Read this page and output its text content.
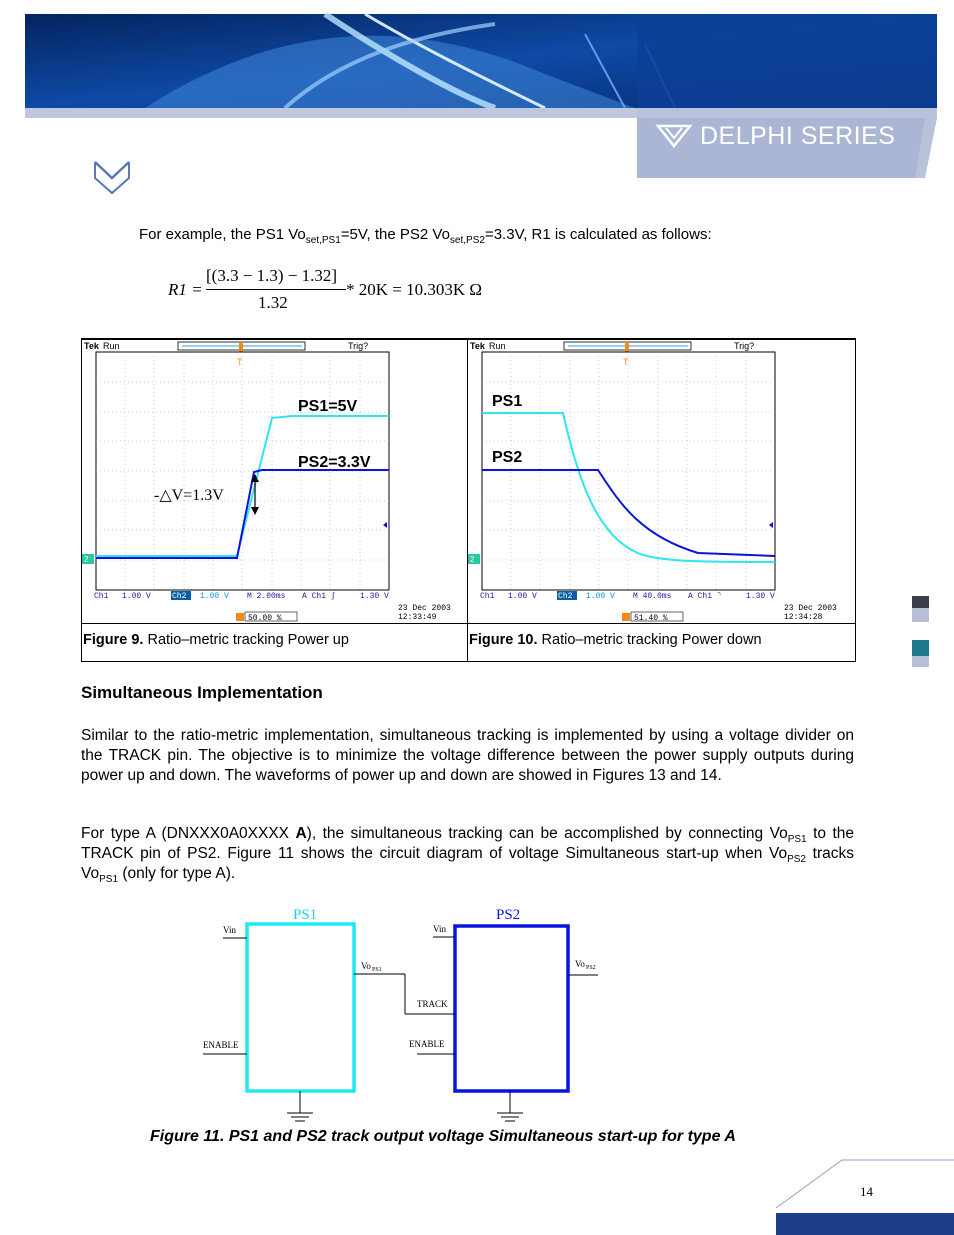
DELPHI SERIES
For example, the PS1 $Vo_{set,PS1}=5V$, the PS2 $Vo_{set,PS2}=3.3V$, R1 is calculated as follows:
R1 =
[(3.3 − 1.3) − 1.32]
1.32
* 20K = 10.303K Ω
Tek Run	Trig?
T
PS1=5V
PS2=3.3V
-△V=1.3V
2
Ch1 1.00 V	Ch2 1.00 V M 2.00ms A Ch1 ∫	1.30 V
50.00 %
23 Dec 2003
12:33:49
Tek Run	Trig?
T
PS1
PS2
2
Ch1 1.00 V	Ch2 1.00 V M 40.0ms A Ch1 ⌝	1.30 V
51.40 %
23 Dec 2003
12:34:28
Figure 9. Ratio–metric tracking Power up	Figure 10. Ratio–metric tracking Power down
Simultaneous Implementation
Similar to the ratio-metric implementation, simultaneous tracking is implemented by using a voltage divider on the TRACK pin. The objective is to minimize the voltage difference between the power supply outputs during power up and down. The waveforms of power up and down are showed in Figures 13 and 14.
For type A (DNXXX0A0XXXX A), the simultaneous tracking can be accomplished by connecting $Vo_{PS1}$ to the TRACK pin of PS2. Figure 11 shows the circuit diagram of voltage Simultaneous start-up when $Vo_{PS2}$ tracks $Vo_{PS1}$ (only for type A).
PS1	PS2
Vin	Vin
Vo PS1
TRACK
Vo PS2
ENABLE	ENABLE
Figure 11. PS1 and PS2 track output voltage Simultaneous start-up for type A
14
